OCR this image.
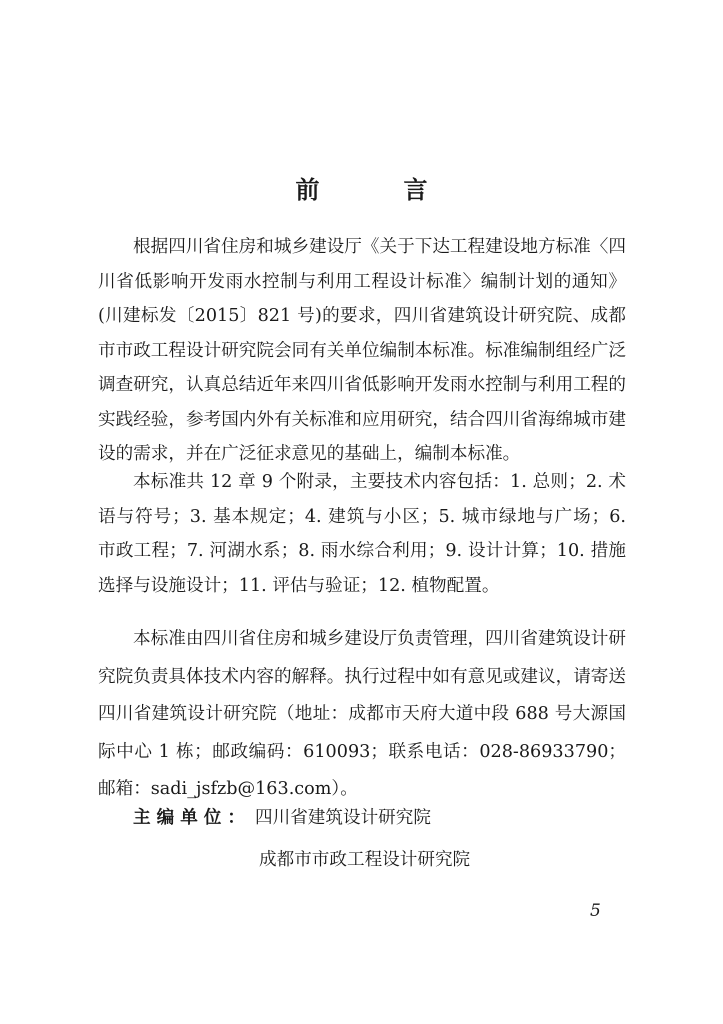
前　言

根据四川省住房和城乡建设厅《关于下达工程建设地方标准〈四川省低影响开发雨水控制与利用工程设计标准〉编制计划的通知》(川建标发〔2015〕821 号)的要求，四川省建筑设计研究院、成都市市政工程设计研究院会同有关单位编制本标准。标准编制组经广泛调查研究，认真总结近年来四川省低影响开发雨水控制与利用工程的实践经验，参考国内外有关标准和应用研究，结合四川省海绵城市建设的需求，并在广泛征求意见的基础上，编制本标准。

本标准共 12 章 9 个附录，主要技术内容包括：1. 总则；2. 术语与符号；3. 基本规定；4. 建筑与小区；5. 城市绿地与广场；6. 市政工程；7. 河湖水系；8. 雨水综合利用；9. 设计计算；10. 措施选择与设施设计；11. 评估与验证；12. 植物配置。

本标准由四川省住房和城乡建设厅负责管理，四川省建筑设计研究院负责具体技术内容的解释。执行过程中如有意见或建议，请寄送四川省建筑设计研究院（地址：成都市天府大道中段 688 号大源国际中心 1 栋；邮政编码：610093；联系电话：028-86933790；邮箱：sadi_jsfzb@163.com）。

主编单位： 四川省建筑设计研究院
成都市市政工程设计研究院
5
